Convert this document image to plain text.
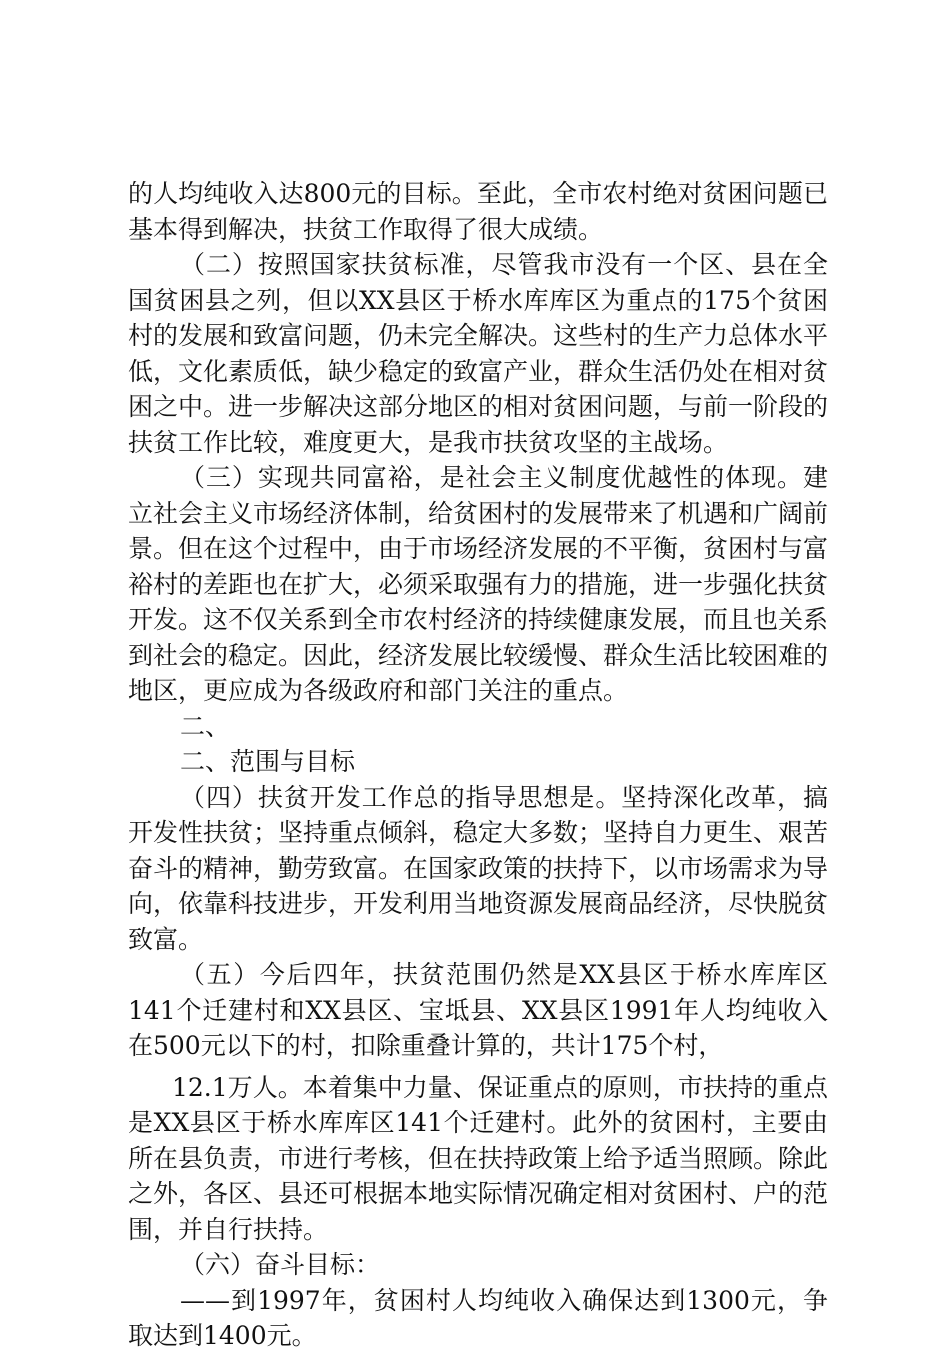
的人均纯收入达800元的目标。至此，全市农村绝对贫困问题已基本得到解决，扶贫工作取得了很大成绩。

（二）按照国家扶贫标准，尽管我市没有一个区、县在全国贫困县之列，但以XX县区于桥水库库区为重点的175个贫困村的发展和致富问题，仍未完全解决。这些村的生产力总体水平低，文化素质低，缺少稳定的致富产业，群众生活仍处在相对贫困之中。进一步解决这部分地区的相对贫困问题，与前一阶段的扶贫工作比较，难度更大，是我市扶贫攻坚的主战场。

（三）实现共同富裕，是社会主义制度优越性的体现。建立社会主义市场经济体制，给贫困村的发展带来了机遇和广阔前景。但在这个过程中，由于市场经济发展的不平衡，贫困村与富裕村的差距也在扩大，必须采取强有力的措施，进一步强化扶贫开发。这不仅关系到全市农村经济的持续健康发展，而且也关系到社会的稳定。因此，经济发展比较缓慢、群众生活比较困难的地区，更应成为各级政府和部门关注的重点。

二、

二、范围与目标

（四）扶贫开发工作总的指导思想是。坚持深化改革，搞开发性扶贫；坚持重点倾斜，稳定大多数；坚持自力更生、艰苦奋斗的精神，勤劳致富。在国家政策的扶持下，以市场需求为导向，依靠科技进步，开发利用当地资源发展商品经济，尽快脱贫致富。

（五）今后四年，扶贫范围仍然是XX县区于桥水库库区141个迁建村和XX县区、宝坻县、XX县区1991年人均纯收入在500元以下的村，扣除重叠计算的，共计175个村，

12.1万人。本着集中力量、保证重点的原则，市扶持的重点是XX县区于桥水库库区141个迁建村。此外的贫困村，主要由所在县负责，市进行考核，但在扶持政策上给予适当照顾。除此之外，各区、县还可根据本地实际情况确定相对贫困村、户的范围，并自行扶持。

（六）奋斗目标：

——到1997年，贫困村人均纯收入确保达到1300元，争取达到1400元。
